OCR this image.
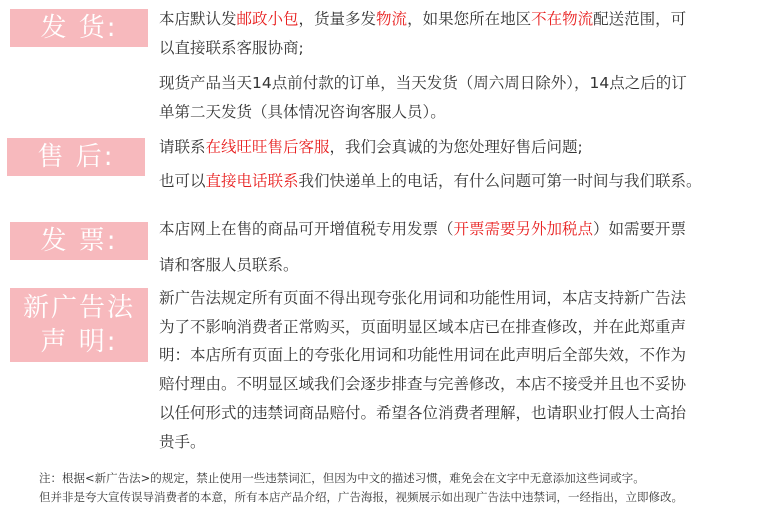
发 货:
售 后:
发 票:
新广告法
声 明:
本店默认发邮政小包，货量多发物流，如果您所在地区不在物流配送范围，可
以直接联系客服协商;
现货产品当天14点前付款的订单，当天发货（周六周日除外），14点之后的订
单第二天发货（具体情况咨询客服人员）。
请联系在线旺旺售后客服，我们会真诚的为您处理好售后问题;
也可以直接电话联系我们快递单上的电话，有什么问题可第一时间与我们联系。
本店网上在售的商品可开增值税专用发票（开票需要另外加税点）如需要开票
请和客服人员联系。
新广告法规定所有页面不得出现夸张化用词和功能性用词，本店支持新广告法
为了不影响消费者正常购买，页面明显区域本店已在排查修改，并在此郑重声
明：本店所有页面上的夸张化用词和功能性用词在此声明后全部失效，不作为
赔付理由。不明显区域我们会逐步排查与完善修改，本店不接受并且也不妥协
以任何形式的违禁词商品赔付。希望各位消费者理解，也请职业打假人士高抬
贵手。
注：根据<新广告法>的规定，禁止使用一些违禁词汇，但因为中文的描述习惯，难免会在文字中无意添加这些词或字。
但并非是夸大宣传误导消费者的本意，所有本店产品介绍，广告海报，视频展示如出现广告法中违禁词，一经指出，立即修改。
